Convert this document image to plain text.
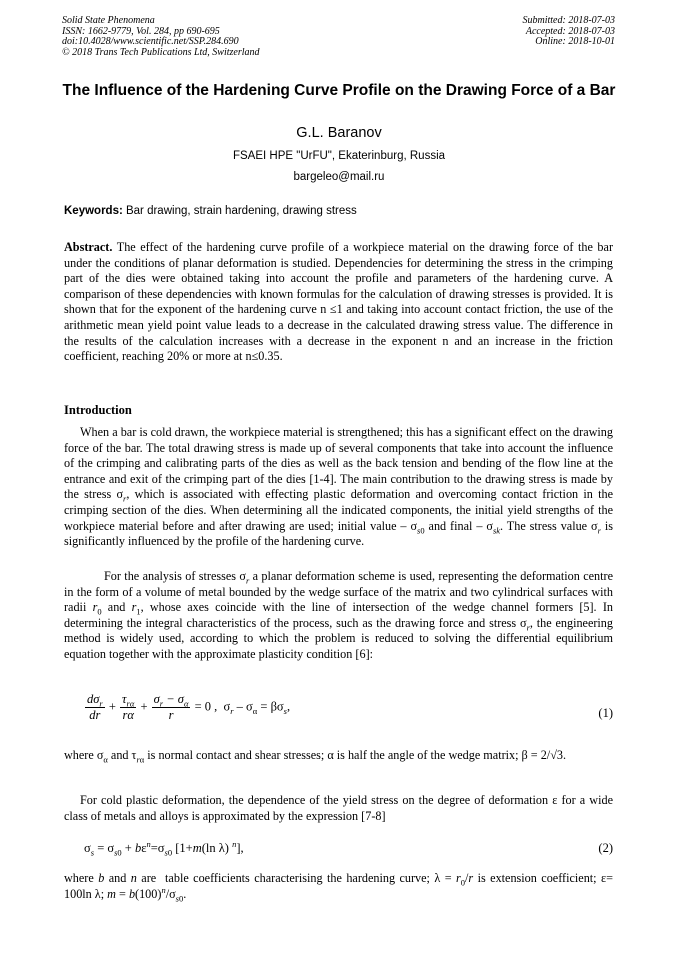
Solid State Phenomena
ISSN: 1662-9779, Vol. 284, pp 690-695
doi:10.4028/www.scientific.net/SSP.284.690
© 2018 Trans Tech Publications Ltd, Switzerland
Submitted: 2018-07-03
Accepted: 2018-07-03
Online: 2018-10-01
The Influence of the Hardening Curve Profile on the Drawing Force of a Bar
G.L. Baranov
FSAEI HPE "UrFU", Ekaterinburg, Russia
bargeleo@mail.ru
Keywords: Bar drawing, strain hardening, drawing stress
Abstract. The effect of the hardening curve profile of a workpiece material on the drawing force of the bar under the conditions of planar deformation is studied. Dependencies for determining the stress in the crimping part of the dies were obtained taking into account the profile and parameters of the hardening curve. A comparison of these dependencies with known formulas for the calculation of drawing stresses is provided. It is shown that for the exponent of the hardening curve n ≤1 and taking into account contact friction, the use of the arithmetic mean yield point value leads to a decrease in the calculated drawing stress value. The difference in the results of the calculation increases with a decrease in the exponent n and an increase in the friction coefficient, reaching 20% or more at n≤0.35.
Introduction
When a bar is cold drawn, the workpiece material is strengthened; this has a significant effect on the drawing force of the bar. The total drawing stress is made up of several components that take into account the influence of the crimping and calibrating parts of the dies as well as the back tension and bending of the flow line at the entrance and exit of the crimping part of the dies [1-4]. The main contribution to the drawing stress is made by the stress $\sigma_r$, which is associated with effecting plastic deformation and overcoming contact friction in the crimping section of the dies. When determining all the indicated components, the initial yield strengths of the workpiece material before and after drawing are used; initial value – $\sigma_{s0}$ and final – $\sigma_{sk}$. The stress value $\sigma_r$ is significantly influenced by the profile of the hardening curve.
For the analysis of stresses $\sigma_r$ a planar deformation scheme is used, representing the deformation centre in the form of a volume of metal bounded by the wedge surface of the matrix and two cylindrical surfaces with radii $r_0$ and $r_1$, whose axes coincide with the line of intersection of the wedge channel formers [5]. In determining the integral characteristics of the process, such as the drawing force and stress $\sigma_r$, the engineering method is widely used, according to which the problem is reduced to solving the differential equilibrium equation together with the approximate plasticity condition [6]:
$\frac{d\sigma_r}{dr} + \frac{\tau_{r\alpha}}{r\alpha} + \frac{\sigma_r - \sigma_\alpha}{r} = 0$ ,  $\sigma_r - \sigma_\alpha = \beta\sigma_s$,	(1)
where $\sigma_\alpha$ and $\tau_{r\alpha}$ is normal contact and shear stresses; α is half the angle of the wedge matrix; β = 2/√3.
For cold plastic deformation, the dependence of the yield stress on the degree of deformation ε for a wide class of metals and alloys is approximated by the expression [7-8]
$\sigma_s = \sigma_{s0} + b\varepsilon^n=\sigma_{s0}$ [1+m(ln λ) $^n$],	(2)
where b and n are  table coefficients characterising the hardening curve; $\lambda = r_0/r$ is extension coefficient; ε= 100ln λ; $m = b(100)^n/\sigma_{s0}$.
